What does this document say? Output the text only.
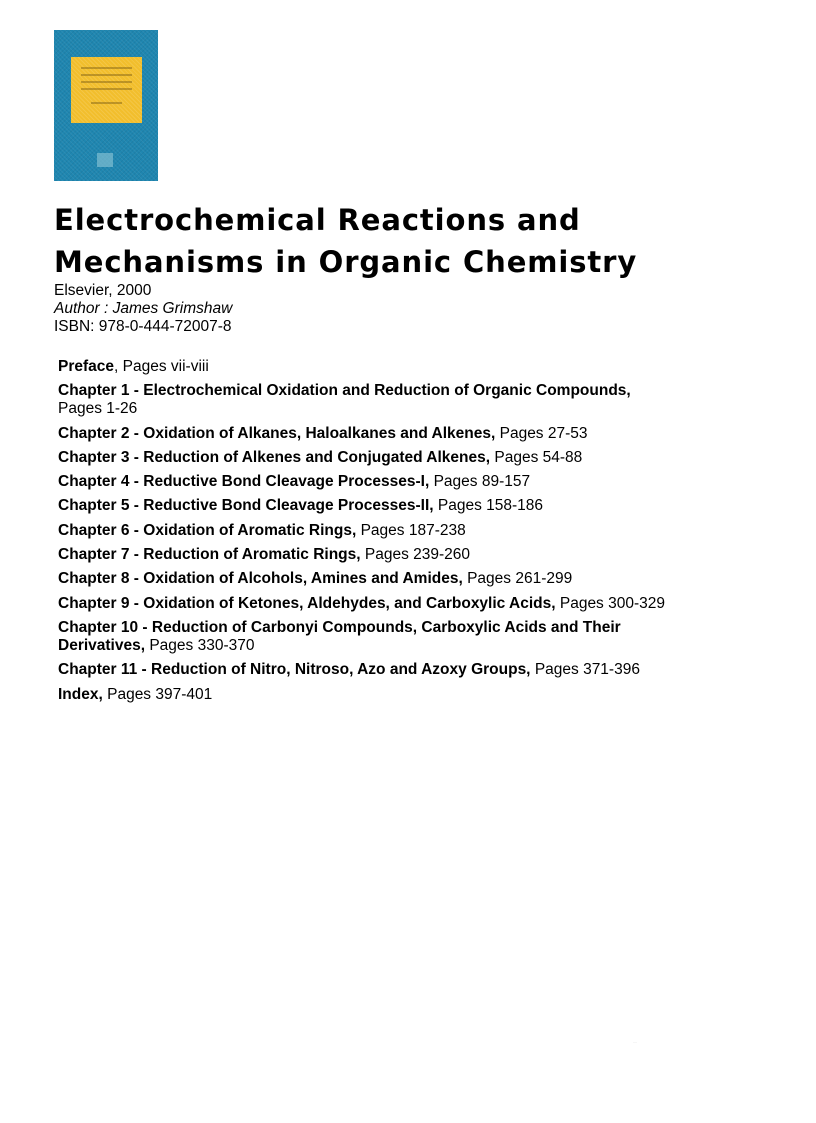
Electrochemical Reactions and
Mechanisms in Organic Chemistry
Elsevier, 2000
Author : James Grimshaw
ISBN: 978-0-444-72007-8
Preface, Pages vii-viii
Chapter 1 - Electrochemical Oxidation and Reduction of Organic Compounds,
Pages 1-26
Chapter 2 - Oxidation of Alkanes, Haloalkanes and Alkenes, Pages 27-53
Chapter 3 - Reduction of Alkenes and Conjugated Alkenes, Pages 54-88
Chapter 4 - Reductive Bond Cleavage Processes-I, Pages 89-157
Chapter 5 - Reductive Bond Cleavage Processes-II, Pages 158-186
Chapter 6 - Oxidation of Aromatic Rings, Pages 187-238
Chapter 7 - Reduction of Aromatic Rings, Pages 239-260
Chapter 8 - Oxidation of Alcohols, Amines and Amides, Pages 261-299
Chapter 9 - Oxidation of Ketones, Aldehydes, and Carboxylic Acids, Pages 300-329
Chapter 10 - Reduction of Carbonyi Compounds, Carboxylic Acids and Their Derivatives, Pages 330-370
Chapter 11 - Reduction of Nitro, Nitroso, Azo and Azoxy Groups, Pages 371-396
Index, Pages 397-401
····
